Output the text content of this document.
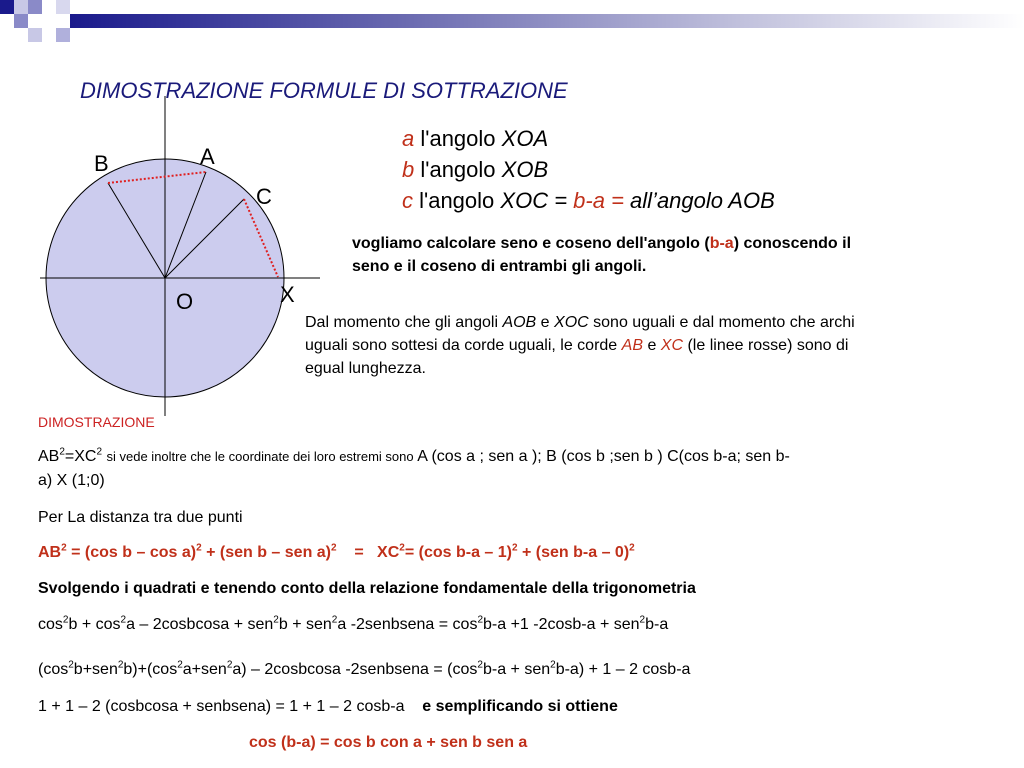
DIMOSTRAZIONE FORMULE DI SOTTRAZIONE
B	A
C
X
O
a l'angolo XOA
b l'angolo XOB
c l'angolo XOC = b-a = all’angolo AOB
vogliamo calcolare seno e coseno dell'angolo (b-a) conoscendo il
seno e il coseno di entrambi gli angoli.
Dal momento che gli angoli AOB e XOC sono uguali e dal momento che archi
uguali sono sottesi da corde uguali, le corde AB e XC (le linee rosse) sono di
egual lunghezza.
DIMOSTRAZIONE
$AB^2=XC^2$ si vede inoltre che le coordinate dei loro estremi sono A (cos a ; sen a ); B (cos b ;sen b ) C(cos b-a; sen b-
a) X (1;0)
Per La distanza tra due punti
$AB^2 = (\cos$ b – cos a)$^2$ + (sen b – sen a)$^2$    =   $XC^2= (\cos$ b-a – 1)$^2$ + (sen b-a – 0)$^2$
Svolgendo i quadrati e tenendo conto della relazione fondamentale della trigonometria
$\cos^2b + \cos^2a$ – 2cosbcosa + sen$^2$b + sen$^2$a -2senbsena = $\cos^2b-a +1$ -2cosb-a + sen$^2$b-a
$(\cos^2b+sen^2b)+(\cos^2a+sen^2a)$ – 2cosbcosa -2senbsena = $(\cos^2b-a + sen^2b-a) + 1 - 2$ cosb-a
1 + 1 – 2 (cosbcosa + senbsena) = 1 + 1 – 2 cosb-a    e semplificando si ottiene
cos (b-a) = cos b con a + sen b sen a
